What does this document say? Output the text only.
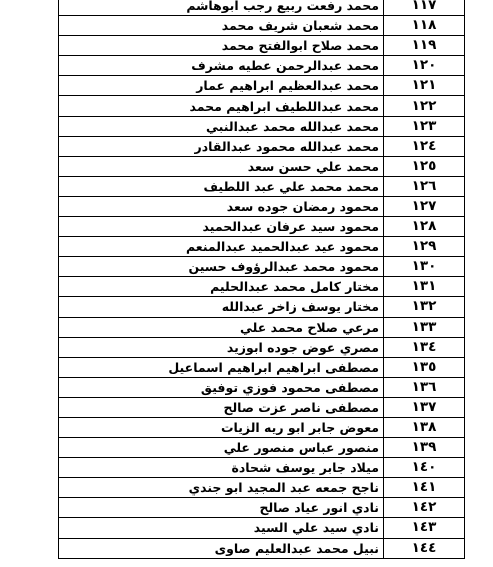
١١٧	محمد رفعت ربيع رجب ابوهاشم
١١٨	محمد شعبان شريف محمد
١١٩	محمد صلاح ابوالفتح محمد
١٢٠	محمد عبدالرحمن عطيه مشرف
١٢١	محمد عبدالعظيم ابراهيم عمار
١٢٢	محمد عبداللطيف ابراهيم محمد
١٢٣	محمد عبدالله محمد عبدالنبي
١٢٤	محمد عبدالله محمود عبدالقادر
١٢٥	محمد علي حسن سعد
١٢٦	محمد محمد علي عبد اللطيف
١٢٧	محمود رمضان جوده سعد
١٢٨	محمود سيد عرفان عبدالحميد
١٢٩	محمود عيد عبدالحميد عبدالمنعم
١٣٠	محمود محمد عبدالرؤوف حسين
١٣١	مختار كامل محمد عبدالحليم
١٣٢	مختار يوسف زاخر عبدالله
١٣٣	مرعي صلاح محمد علي
١٣٤	مصري عوض جوده ابوزيد
١٣٥	مصطفى ابراهيم ابراهيم اسماعيل
١٣٦	مصطفى محمود فوزي توفيق
١٣٧	مصطفى ناصر عزت صالح
١٣٨	معوض جابر ابو ريه الزيات
١٣٩	منصور عباس منصور علي
١٤٠	ميلاد جابر يوسف شحادة
١٤١	ناجح جمعه عبد المجيد ابو جندي
١٤٢	نادي انور عياد صالح
١٤٣	نادي سيد علي السيد
١٤٤	نبيل محمد عبدالعليم صاوى
